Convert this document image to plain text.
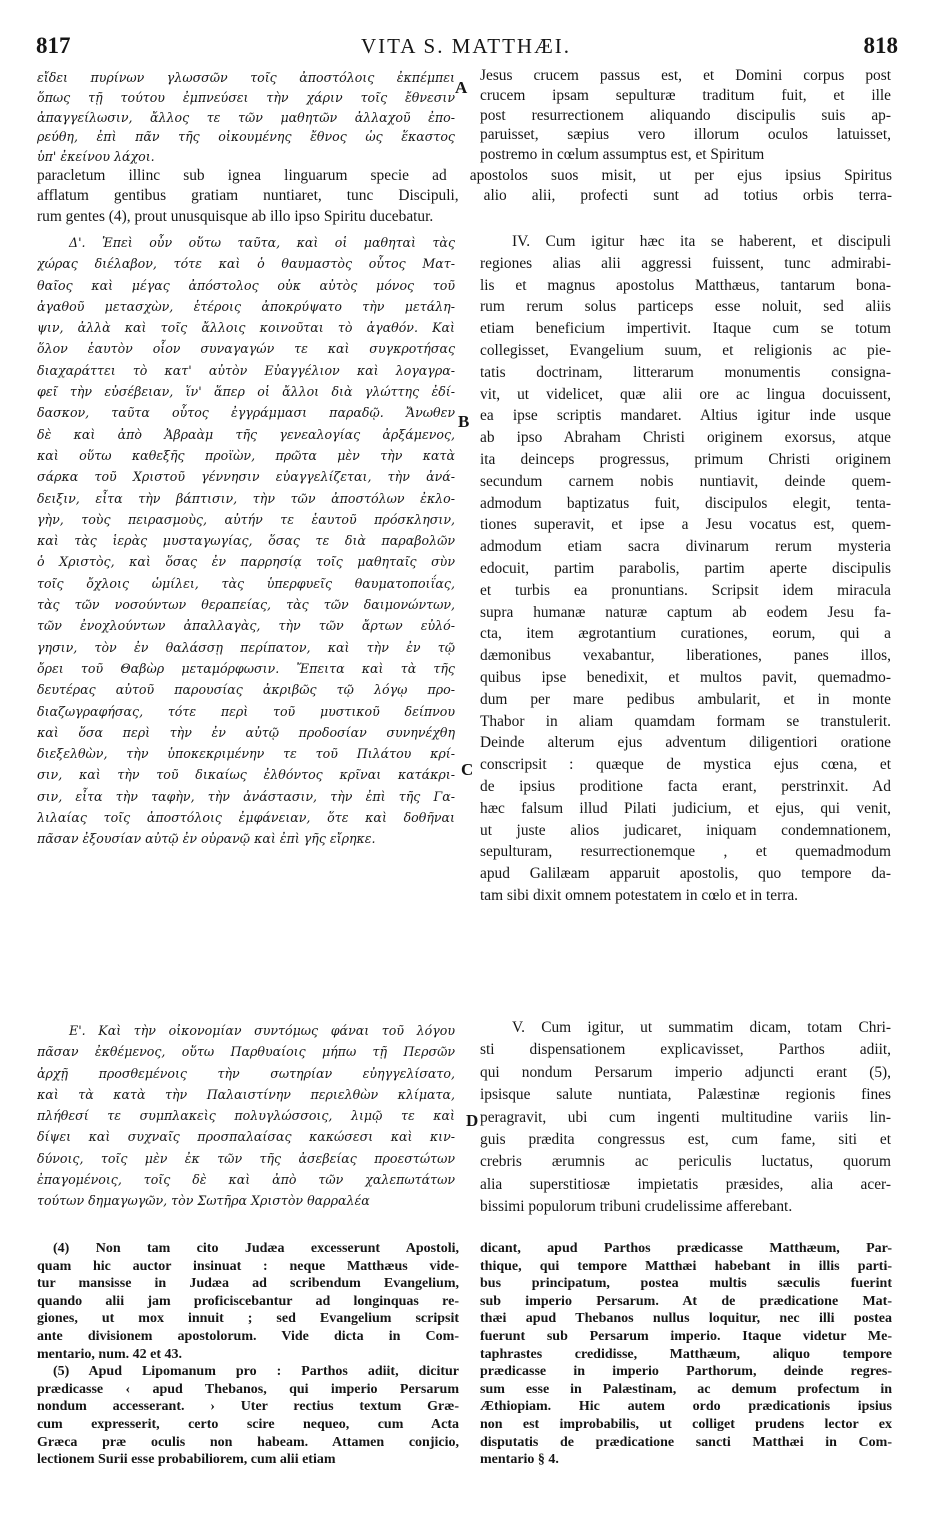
817	VITA S. MATTHÆI.	818

εἴδει πυρίνων γλωσσῶν τοῖς ἀποστόλοις ἐκπέμπει

ὅπως τῇ τούτου ἐμπνεύσει τὴν χάριν τοῖς ἔθνεσιν

ἀπαγγείλωσιν, ἄλλος τε τῶν μαθητῶν ἀλλαχοῦ ἐπο-

ρεύθη, ἐπὶ πᾶν τῆς οἰκουμένης ἔθνος ὡς ἕκαστος

ὑπ' ἐκείνου λάχοι.

Jesus crucem passus est, et Domini corpus post

crucem ipsam sepulturæ traditum fuit, et ille

post resurrectionem aliquando discipulis suis ap-

paruisset, sæpius vero illorum oculos latuisset,

postremo in cœlum assumptus est, et Spiritum

paracletum illinc sub ignea linguarum specie ad apostolos suos misit, ut per ejus ipsius Spiritus

afflatum gentibus gratiam nuntiaret, tunc Discipuli, alio alii, profecti sunt ad totius orbis terra-

rum gentes (4), prout unusquisque ab illo ipso Spiritu ducebatur.

Δ'. Ἐπεὶ οὖν οὕτω ταῦτα, καὶ οἱ μαθηταὶ τὰς

χώρας διέλαβον, τότε καὶ ὁ θαυμαστὸς οὗτος Ματ-

θαῖος καὶ μέγας ἀπόστολος οὐκ αὐτὸς μόνος τοῦ

ἀγαθοῦ μετασχὼν, ἑτέροις ἀποκρύψατο τὴν μετάλη-

ψιν, ἀλλὰ καὶ τοῖς ἄλλοις κοινοῦται τὸ ἀγαθόν. Καὶ

ὅλον ἑαυτὸν οἷον συναγαγών τε καὶ συγκροτήσας

διαχαράττει τὸ κατ' αὐτὸν Εὐαγγέλιον καὶ λογαγρα-

φεῖ τὴν εὐσέβειαν, ἵν' ἅπερ οἱ ἄλλοι διὰ γλώττης ἐδί-

δασκον, ταῦτα οὗτος ἐγγράμμασι παραδῷ. Ἄνωθεν

δὲ καὶ ἀπὸ Ἀβραὰμ τῆς γενεαλογίας ἀρξάμενος,

καὶ οὕτω καθεξῆς προϊὼν, πρῶτα μὲν τὴν κατὰ

σάρκα τοῦ Χριστοῦ γέννησιν εὐαγγελίζεται, τὴν ἀνά-

δειξιν, εἶτα τὴν βάπτισιν, τὴν τῶν ἀποστόλων ἐκλο-

γὴν, τοὺς πειρασμοὺς, αὐτήν τε ἑαυτοῦ πρόσκλησιν,

καὶ τὰς ἱερὰς μυσταγωγίας, ὅσας τε διὰ παραβολῶν

ὁ Χριστὸς, καὶ ὅσας ἐν παρρησίᾳ τοῖς μαθηταῖς σὺν

τοῖς ὄχλοις ὡμίλει, τὰς ὑπερφυεῖς θαυματοποιΐας,

τὰς τῶν νοσούντων θεραπείας, τὰς τῶν δαιμονώντων,

τῶν ἐνοχλούντων ἀπαλλαγὰς, τὴν τῶν ἄρτων εὐλό-

γησιν, τὸν ἐν θαλάσσῃ περίπατον, καὶ τὴν ἐν τῷ

ὄρει τοῦ Θαβὼρ μεταμόρφωσιν. Ἔπειτα καὶ τὰ τῆς

δευτέρας αὐτοῦ παρουσίας ἀκριβῶς τῷ λόγῳ προ-

διαζωγραφήσας, τότε περὶ τοῦ μυστικοῦ δείπνου

καὶ ὅσα περὶ τὴν ἐν αὐτῷ προδοσίαν συνηνέχθη

διεξελθὼν, τὴν ὑποκεκριμένην τε τοῦ Πιλάτου κρί-

σιν, καὶ τὴν τοῦ δικαίως ἐλθόντος κρῖναι κατάκρι-

σιν, εἶτα τὴν ταφὴν, τὴν ἀνάστασιν, τὴν ἐπὶ τῆς Γα-

λιλαίας τοῖς ἀποστόλοις ἐμφάνειαν, ὅτε καὶ δοθῆναι

πᾶσαν ἐξουσίαν αὐτῷ ἐν οὐρανῷ καὶ ἐπὶ γῆς εἴρηκε.

IV. Cum igitur hæc ita se haberent, et discipuli

regiones alias alii aggressi fuissent, tunc admirabi-

lis et magnus apostolus Matthæus, tantarum bona-

rum rerum solus particeps esse noluit, sed aliis

etiam beneficium impertivit. Itaque cum se totum

collegisset, Evangelium suum, et religionis ac pie-

tatis doctrinam, litterarum monumentis consigna-

vit, ut videlicet, quæ alii ore ac lingua docuissent,

ea ipse scriptis mandaret. Altius igitur inde usque

ab ipso Abraham Christi originem exorsus, atque

ita deinceps progressus, primum Christi originem

secundum carnem nobis nuntiavit, deinde quem-

admodum baptizatus fuit, discipulos elegit, tenta-

tiones superavit, et ipse a Jesu vocatus est, quem-

admodum etiam sacra divinarum rerum mysteria

edocuit, partim parabolis, partim aperte discipulis

et turbis ea pronuntians. Scripsit idem miracula

supra humanæ naturæ captum ab eodem Jesu fa-

cta, item ægrotantium curationes, eorum, qui a

dæmonibus vexabantur, liberationes, panes illos,

quibus ipse benedixit, et multos pavit, quemadmo-

dum per mare pedibus ambularit, et in monte

Thabor in aliam quamdam formam se transtulerit.

Deinde alterum ejus adventum diligentiori oratione

conscripsit : quæque de mystica ejus cœna, et

de ipsius proditione facta erant, perstrinxit. Ad

hæc falsum illud Pilati judicium, et ejus, qui venit,

ut juste alios judicaret, iniquam condemnationem,

sepulturam, resurrectionemque , et quemadmodum

apud Galilæam apparuit apostolis, quo tempore da-

tam sibi dixit omnem potestatem in cœlo et in terra.

Ε'. Καὶ τὴν οἰκονομίαν συντόμως φάναι τοῦ λόγου

πᾶσαν ἐκθέμενος, οὕτω Παρθυαίοις μήπω τῇ Περσῶν

ἀρχῇ προσθεμένοις τὴν σωτηρίαν εὐηγγελίσατο,

καὶ τὰ κατὰ τὴν Παλαιστίνην περιελθὼν κλίματα,

πλήθεσί τε συμπλακεὶς πολυγλώσσοις, λιμῷ τε καὶ

δίψει καὶ συχναῖς προσπαλαίσας κακώσεσι καὶ κιν-

δύνοις, τοῖς μὲν ἐκ τῶν τῆς ἀσεβείας προεστώτων

ἐπαγομένοις, τοῖς δὲ καὶ ἀπὸ τῶν χαλεπωτάτων

τούτων δημαγωγῶν, τὸν Σωτῆρα Χριστὸν θαρραλέα

V. Cum igitur, ut summatim dicam, totam Chri-

sti dispensationem explicavisset, Parthos adiit,

qui nondum Persarum imperio adjuncti erant (5),

ipsisque salute nuntiata, Palæstinæ regionis fines

peragravit, ubi cum ingenti multitudine variis lin-

guis prædita congressus est, cum fame, siti et

crebris ærumnis ac periculis luctatus, quorum

alia superstitiosæ impietatis præsides, alia acer-

bissimi populorum tribuni crudelissime afferebant.

(4) Non tam cito Judæa excesserunt Apostoli,

quam hic auctor insinuat : neque Matthæus vide-

tur mansisse in Judæa ad scribendum Evangelium,

quando alii jam proficiscebantur ad longinquas re-

giones, ut mox innuit ; sed Evangelium scripsit

ante divisionem apostolorum. Vide dicta in Com-

mentario, num. 42 et 43.

(5) Apud Lipomanum pro : Parthos adiit, dicitur

prædicasse ‹ apud Thebanos, qui imperio Persarum

nondum accesserant. › Uter rectius textum Græ-

cum expresserit, certo scire nequeo, cum Acta

Græca præ oculis non habeam. Attamen conjicio,

lectionem Surii esse probabiliorem, cum alii etiam

dicant, apud Parthos prædicasse Matthæum, Par-

thique, qui tempore Matthæi habebant in illis parti-

bus principatum, postea multis sæculis fuerint

sub imperio Persarum. At de prædicatione Mat-

thæi apud Thebanos nullus loquitur, nec illi postea

fuerunt sub Persarum imperio. Itaque videtur Me-

taphrastes credidisse, Matthæum, aliquo tempore

prædicasse in imperio Parthorum, deinde regres-

sum esse in Palæstinam, ac demum profectum in

Æthiopiam. Hic autem ordo prædicationis ipsius

non est improbabilis, ut colliget prudens lector ex

disputatis de prædicatione sancti Matthæi in Com-

mentario § 4.

A
B
C
D
